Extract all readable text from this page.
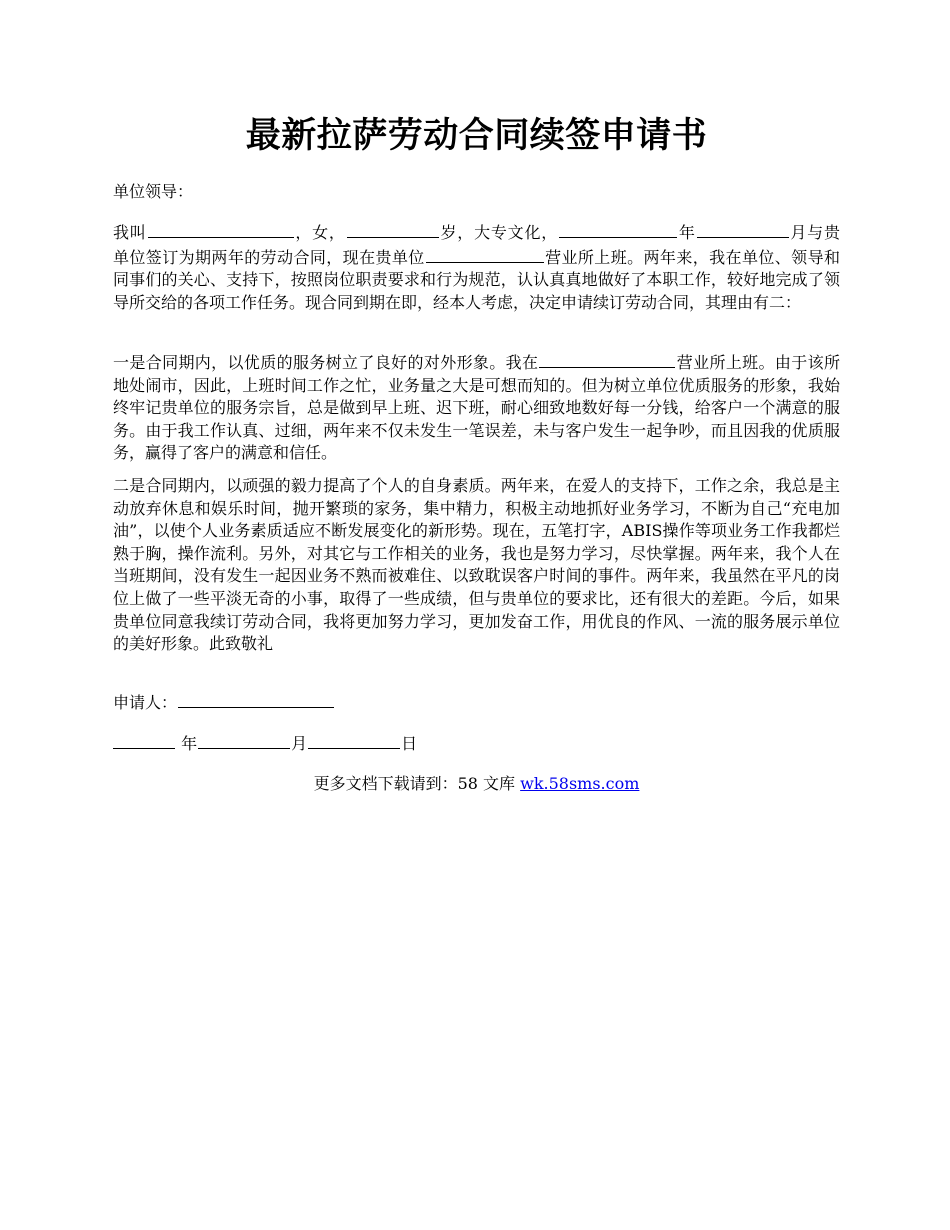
最新拉萨劳动合同续签申请书
单位领导：

我叫	，女，	岁，大专文化，	年	月与贵单位签订为期两年的劳动合同，现在贵单位	营业所上班。两年来，我在单位、领导和同事们的关心、支持下，按照岗位职责要求和行为规范，认认真真地做好了本职工作，较好地完成了领导所交给的各项工作任务。现合同到期在即，经本人考虑，决定申请续订劳动合同，其理由有二：

一是合同期内，以优质的服务树立了良好的对外形象。我在	营业所上班。由于该所地处闹市，因此，上班时间工作之忙，业务量之大是可想而知的。但为树立单位优质服务的形象，我始终牢记贵单位的服务宗旨，总是做到早上班、迟下班，耐心细致地数好每一分钱，给客户一个满意的服务。由于我工作认真、过细，两年来不仅未发生一笔误差，未与客户发生一起争吵，而且因我的优质服务，赢得了客户的满意和信任。

二是合同期内，以顽强的毅力提高了个人的自身素质。两年来，在爱人的支持下，工作之余，我总是主动放弃休息和娱乐时间，抛开繁琐的家务，集中精力，积极主动地抓好业务学习，不断为自己“充电加油”，以使个人业务素质适应不断发展变化的新形势。现在，五笔打字，ABIS操作等项业务工作我都烂熟于胸，操作流利。另外，对其它与工作相关的业务，我也是努力学习，尽快掌握。两年来，我个人在当班期间，没有发生一起因业务不熟而被难住、以致耽误客户时间的事件。两年来，我虽然在平凡的岗位上做了一些平淡无奇的小事，取得了一些成绩，但与贵单位的要求比，还有很大的差距。今后，如果贵单位同意我续订劳动合同，我将更加努力学习，更加发奋工作，用优良的作风、一流的服务展示单位的美好形象。此致敬礼

申请人：
年	月	日
更多文档下载请到：58 文库 wk.58sms.com
